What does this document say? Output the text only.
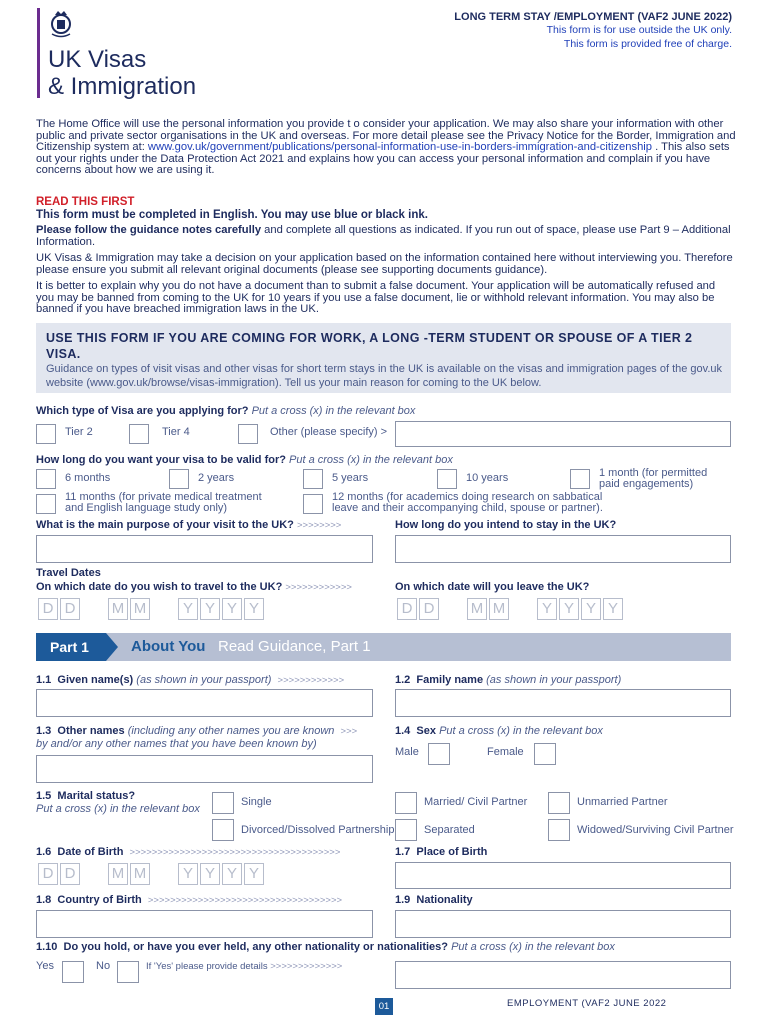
UK Visas
& Immigration
LONG TERM STAY /EMPLOYMENT (VAF2 JUNE 2022)
This form is for use outside the UK only.
This form is provided free of charge.
The Home Office will use the personal information you provide t o consider your application. We may also share your information with other public and private sector organisations in the UK and overseas. For more detail please see the Privacy Notice for the Border, Immigration and Citizenship system at: www.gov.uk/government/publications/personal-information-use-in-borders-immigration-and-citizenship . This also sets out your rights under the Data Protection Act 2021 and explains how you can access your personal information and complain if you have concerns about how we are using it.
READ THIS FIRST
This form must be completed in English. You may use blue or black ink.
Please follow the guidance notes carefully and complete all questions as indicated. If you run out of space, please use Part 9 – Additional Information.
UK Visas & Immigration may take a decision on your application based on the information contained here without interviewing you. Therefore please ensure you submit all relevant original documents (please see supporting documents guidance).
It is better to explain why you do not have a document than to submit a false document. Your application will be automatically refused and you may be banned from coming to the UK for 10 years if you use a false document, lie or withhold relevant information. You may also be banned if you have breached immigration laws in the UK.
USE THIS FORM IF YOU ARE COMING FOR WORK, A LONG -TERM STUDENT OR SPOUSE OF A TIER 2 VISA.
Guidance on types of visit visas and other visas for short term stays in the UK is available on the visas and immigration pages of the gov.uk website (www.gov.uk/browse/visas-immigration). Tell us your main reason for coming to the UK below.
Which type of Visa are you applying for? Put a cross (x) in the relevant box
Tier 2	Tier 4	Other (please specify) >
How long do you want your visa to be valid for? Put a cross (x) in the relevant box
6 months	2 years	5 years	10 years	1 month (for permitted
paid engagements)
11 months (for private medical treatment
and English language study only)
12 months (for academics doing research on sabbatical
leave and their accompanying child, spouse or partner).
What is the main purpose of your visit to the UK? >>>>>>>>	How long do you intend to stay in the UK?
Travel Dates
On which date do you wish to travel to the UK? >>>>>>>>>>>>	On which date will you leave the UK?
D D	M M	Y Y Y Y	D D	M M	Y Y Y Y
Part 1	About You Read Guidance, Part 1
1.1 Given name(s) (as shown in your passport) >>>>>>>>>>>>	1.2 Family name (as shown in your passport)
1.3 Other names (including any other names you are known >>>
by and/or any other names that you have been known by)
1.4 Sex Put a cross (x) in the relevant box
Male	Female
1.5 Marital status?
Put a cross (x) in the relevant box
Single	Married/ Civil Partner	Unmarried Partner
Divorced/Dissolved Partnership	Separated	Widowed/Surviving Civil Partner
1.6 Date of Birth >>>>>>>>>>>>>>>>>>>>>>>>>>>>>>>>>>>>>>	1.7 Place of Birth
D D	M M	Y Y Y Y
1.8 Country of Birth >>>>>>>>>>>>>>>>>>>>>>>>>>>>>>>>>>>	1.9 Nationality
1.10 Do you hold, or have you ever held, any other nationality or nationalities? Put a cross (x) in the relevant box
Yes	No	If 'Yes' please provide details >>>>>>>>>>>>>
01	EMPLOYMENT (VAF2 JUNE 2022
